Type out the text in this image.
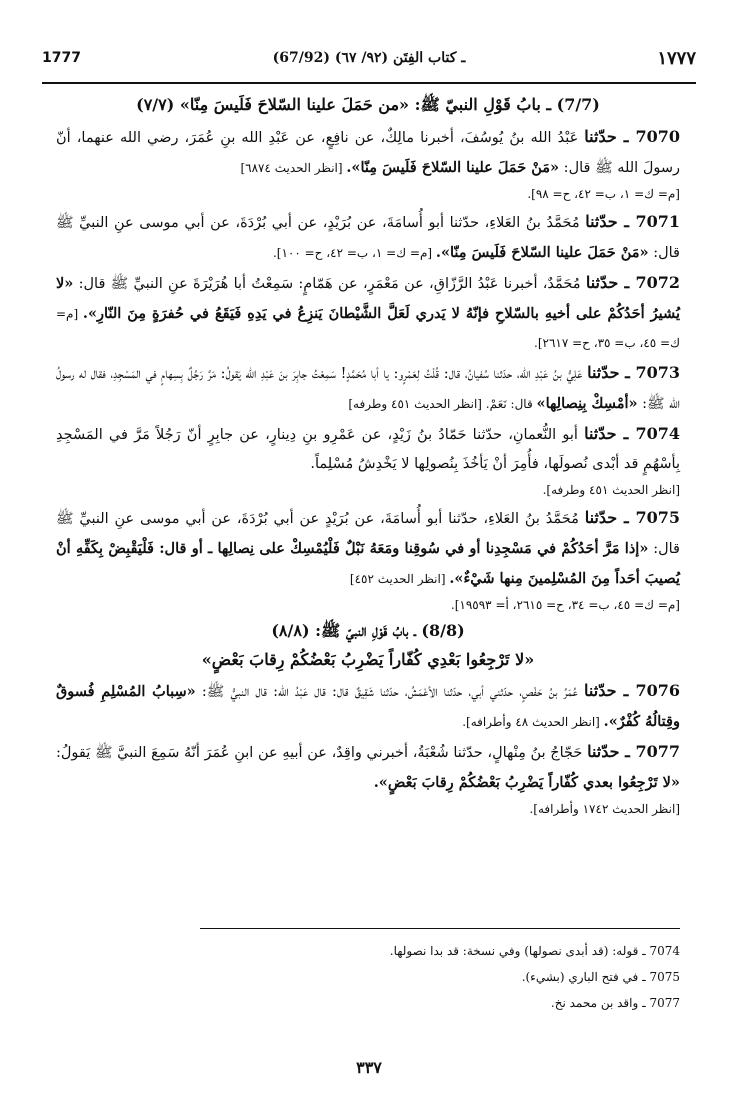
١٧٧٧
(67/92) ـ كتاب الفِتَن (٩٢/ ٦٧)
1777

(7/7) ـ بابُ قَوْلِ النبيّ ﷺ: «من حَمَلَ علينا السّلاحَ فَلَيسَ مِنّا» (٧/٧)

7070 ـ حدّثنا عَبْدُ الله بنُ يُوسُفَ، أخبرنا مالِكٌ، عن نافِعٍ، عن عَبْدِ الله بنِ عُمَرَ، رضي الله عنهما، أنّ رسولَ الله ﷺ قال: «مَنْ حَمَلَ علينا السّلاحَ فَلَيسَ مِنّا». [انظر الحديث ٦٨٧٤]

[م= ك= ١، ب= ٤٢، ح= ٩٨].

7071 ـ حدّثنا مُحَمَّدُ بنُ العَلاءِ، حدّثنا أبو أُسامَةَ، عن بُرَيْدٍ، عن أبي بُرْدَةَ، عن أبي موسى عنِ النبيِّ ﷺ قال: «مَنْ حَمَلَ علينا السّلاحَ فَلَيسَ مِنّا». [م= ك= ١، ب= ٤٢، ح= ١٠٠].

7072 ـ حدّثنا مُحَمَّدٌ، أخبرنا عَبْدُ الرَّزّاقِ، عن مَعْمَرٍ، عن هَمّامٍ: سَمِعْتُ أبا هُرَيْرَةَ عنِ النبيِّ ﷺ قال: «لا يُشيرُ أحَدُكُمْ على أخيهِ بالسّلاحِ فإنّهُ لا يَدري لَعَلَّ الشَّيْطانَ يَنزِعُ في يَدِهِ فَيَقَعُ في حُفرَةٍ مِنَ النّارِ». [م= ك= ٤٥، ب= ٣٥، ح= ٢٦١٧].

7073 ـ حدّثنا عَلِيُّ بنُ عَبْدِ الله، حدّثنا سُفيانُ، قال: قُلْتُ لِعَمْرٍو: يا أبا مُحَمَّدٍ! سَمِعْتُ جابِرَ بنَ عَبْدِ الله يَقولُ: مَرَّ رَجُلٌ بِسِهامٍ في المَسْجِدِ، فقال له رسولُ الله ﷺ: «أمْسِكْ بِنِصالِها» قال: نَعَمْ. [انظر الحديث ٤٥١ وطرفه]

7074 ـ حدّثنا أبو النُّعمانِ، حدّثنا حَمّادُ بنُ زَيْدٍ، عن عَمْرِو بنِ دِينارٍ، عن جابِرٍ أنّ رَجُلاً مَرَّ في المَسْجِدِ بِأسْهُمٍ قد أبْدى نُصولَها، فأُمِرَ أنْ يَأخُذَ بِنُصولِها لا يَخْدِشُ مُسْلِماً.

[انظر الحديث ٤٥١ وطرفه].

7075 ـ حدّثنا مُحَمَّدُ بنُ العَلاءِ، حدّثنا أبو أُسامَةَ، عن بُرَيْدٍ عن أبي بُرْدَةَ، عن أبي موسى عنِ النبيِّ ﷺ قال: «إذا مَرَّ أحَدُكُمْ في مَسْجِدِنا أو في سُوقِنا ومَعَهُ نَبْلٌ فَلْيُمْسِكْ على نِصالِها ـ أو قال: فَلْيَقْبِضْ بِكَفِّهِ أنْ يُصيبَ أحَداً مِنَ المُسْلِمينَ مِنها شَيْءٌ». [انظر الحديث ٤٥٢]

[م= ك= ٤٥، ب= ٣٤، ح= ٢٦١٥، أ= ١٩٥٩٣].

(8/8) ـ بابُ قَوْلِ النبيّ ﷺ: (٨/٨)

«لا تَرْجِعُوا بَعْدِي كُفّاراً يَضْرِبُ بَعْضُكُمْ رِقابَ بَعْضٍ»

7076 ـ حدّثنا عُمَرُ بنُ حَفْصٍ، حدّثني أبي، حدّثنا الأعْمَشُ، حدّثنا شَقِيقٌ قال: قال عَبْدُ الله: قال النبيُّ ﷺ: «سِبابُ المُسْلِمِ فُسوقٌ وقِتالُهُ كُفْرٌ». [انظر الحديث ٤٨ وأطرافه].

7077 ـ حدّثنا حَجّاجُ بنُ مِنْهالٍ، حدّثنا شُعْبَةُ، أخبرني واقِدٌ، عن أبيهِ عن ابنِ عُمَرَ أنّهُ سَمِعَ النبيَّ ﷺ يَقولُ: «لا تَرْجِعُوا بعدي كُفّاراً يَضْرِبُ بَعْضُكُمْ رِقابَ بَعْضٍ».

[انظر الحديث ١٧٤٢ وأطرافه].

7074 ـ قوله: (قد أبدى نصولها) وفي نسخة: قد بدا نصولها.

7075 ـ في فتح الباري (بشيء).

7077 ـ واقد بن محمد نخ.

٣٣٧
